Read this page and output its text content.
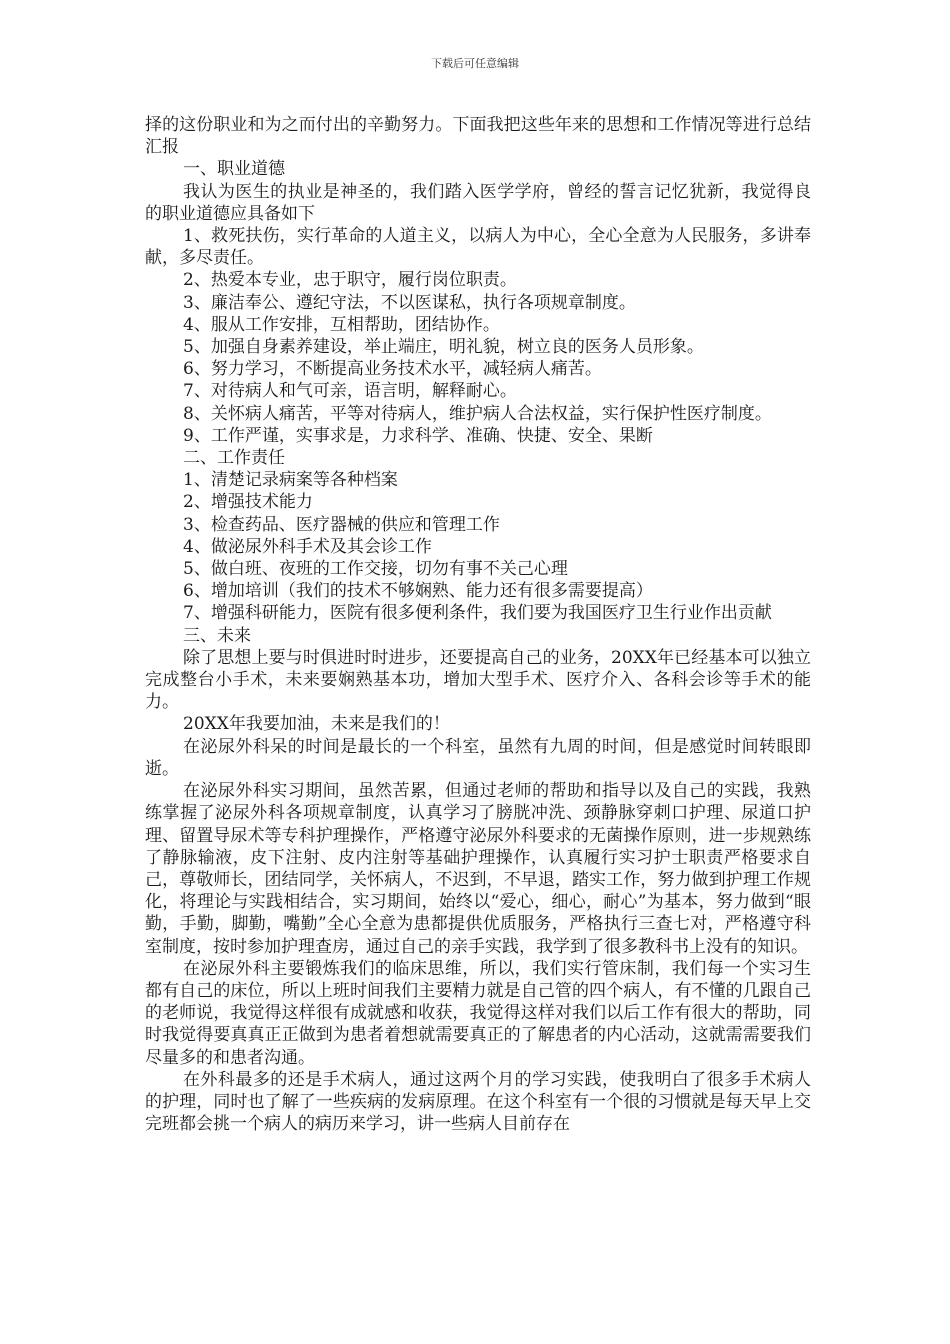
下载后可任意编辑

择的这份职业和为之而付出的辛勤努力。下面我把这些年来的思想和工作情况等进行总结汇报

一、职业道德

我认为医生的执业是神圣的，我们踏入医学学府，曾经的誓言记忆犹新，我觉得良的职业道德应具备如下

1、救死扶伤，实行革命的人道主义，以病人为中心，全心全意为人民服务，多讲奉献，多尽责任。

2、热爱本专业，忠于职守，履行岗位职责。

3、廉洁奉公、遵纪守法，不以医谋私，执行各项规章制度。

4、服从工作安排，互相帮助，团结协作。

5、加强自身素养建设，举止端庄，明礼貌，树立良的医务人员形象。

6、努力学习，不断提高业务技术水平，减轻病人痛苦。

7、对待病人和气可亲，语言明，解释耐心。

8、关怀病人痛苦，平等对待病人，维护病人合法权益，实行保护性医疗制度。

9、工作严谨，实事求是，力求科学、准确、快捷、安全、果断

二、工作责任

1、清楚记录病案等各种档案

2、增强技术能力

3、检查药品、医疗器械的供应和管理工作

4、做泌尿外科手术及其会诊工作

5、做白班、夜班的工作交接，切勿有事不关己心理

6、增加培训（我们的技术不够娴熟、能力还有很多需要提高）

7、增强科研能力，医院有很多便利条件，我们要为我国医疗卫生行业作出贡献

三、未来

除了思想上要与时俱进时时进步，还要提高自己的业务，20XX年已经基本可以独立完成整台小手术，未来要娴熟基本功，增加大型手术、医疗介入、各科会诊等手术的能力。

20XX年我要加油，未来是我们的！

在泌尿外科呆的时间是最长的一个科室，虽然有九周的时间，但是感觉时间转眼即逝。

在泌尿外科实习期间，虽然苦累，但通过老师的帮助和指导以及自己的实践，我熟练掌握了泌尿外科各项规章制度，认真学习了膀胱冲洗、颈静脉穿刺口护理、尿道口护理、留置导尿术等专科护理操作，严格遵守泌尿外科要求的无菌操作原则，进一步规熟练了静脉输液，皮下注射、皮内注射等基础护理操作，认真履行实习护士职责严格要求自己，尊敬师长，团结同学，关怀病人，不迟到，不早退，踏实工作，努力做到护理工作规化，将理论与实践相结合，实习期间，始终以“爱心，细心，耐心”为基本，努力做到“眼勤，手勤，脚勤，嘴勤”全心全意为患都提供优质服务，严格执行三查七对，严格遵守科室制度，按时参加护理查房，通过自己的亲手实践，我学到了很多教科书上没有的知识。

在泌尿外科主要锻炼我们的临床思维，所以，我们实行管床制，我们每一个实习生都有自己的床位，所以上班时间我们主要精力就是自己管的四个病人，有不懂的几跟自己的老师说，我觉得这样很有成就感和收获，我觉得这样对我们以后工作有很大的帮助，同时我觉得要真真正正做到为患者着想就需要真正的了解患者的内心活动，这就需需要我们尽量多的和患者沟通。

在外科最多的还是手术病人，通过这两个月的学习实践，使我明白了很多手术病人的护理，同时也了解了一些疾病的发病原理。在这个科室有一个很的习惯就是每天早上交完班都会挑一个病人的病历来学习，讲一些病人目前存在
